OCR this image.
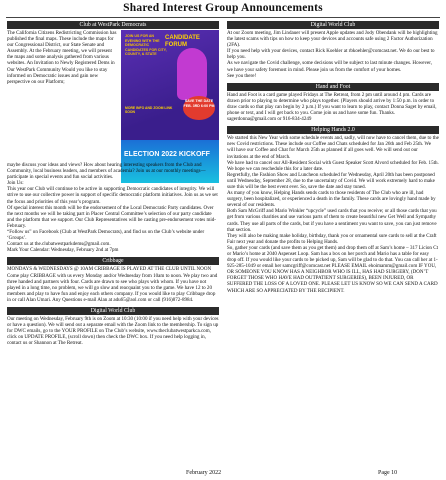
Shared Interest Group Announcements
Club at WestPark Democrats

The California Citizens Redistricting Commission has published the final maps. These include the maps for our Congressional District, our State Senate and Assembly. At the February meeting, we will present the maps and some analysis gathered from various websites. An Invitation to Newly Registered Dems in Our WestPark Community Would you like to stay informed on Democratic issues and gain new perspective on our Platform;

JOIN US FOR AN EVENING WITH THE DEMOCRATIC CANDIDATES FOR CITY, COUNTY, & STATE
CANDIDATE FORUM
SAVE THE DATE FEB. 3RD 6:00 PM
MORE INFO AND ZOOM LINK SOON
ELECTION 2022 KICKOFF

maybe discuss your ideas and views? How about hearing interesting speakers from the Club and Community, local business leaders, and members of academia? Join us at our monthly meetings—participate in special events and fun social activities.
Join Us:
This year our Club will continue to be active in supporting Democratic candidates of integrity. We will strive to use our collective power in support of specific democratic platform initiatives. Join us as we set the focus and priorities of this year’s program.
Of special interest this month will be the endorsement of the Local Democratic Party candidates. Over the next months we will be taking part in Placer Central Committee’s selection of our party candidate and the platform that we support. Our Club Representatives will be casting pre-endorsement votes mid-February.
“Follow us” on Facebook (Club at WestPark Democrats), and find us on the Club’s website under ‘Groups’.
Contact us at the.clubatwestparkdems@gmail.com.
Mark Your Calendar: Wednesday, February 2nd at 7pm

Cribbage

MONDAYS & WEDNESDAYS @ 10AM CRIBBAGE IS PLAYED AT THE CLUB UNTIL NOON
Come play CRIBBAGE with us every Monday and/or Wednesday from 10am to noon. We play two and three handed and partners with four. Cards are drawn to see who plays with whom. If you have not played in a long time, no problem, we will go slow and reacquaint you to the game. We have 12 to 20 members and play to have fun and enjoy each others company. If you would like to play Cribbage drop in or call Alan Umari. Any Questions e-mail Alan at adu65@aol.com or call (916)872-8984.

Digital World Club

Our meeting on Wednesday, February 9th is on Zoom at 10:30 (10:00 if you need help with your devices or have a question). We will send out a separate email with the Zoom link to the membership. To sign up for DWC emails, go to the YOUR PROFILE on The Club’s website, www.theclubatwestparkca.com, click on UPDATE PROFILE, (scroll down) then check the DWC box. If you need help logging in, contact us or Shannon at The Retreat.

Digital World Club

At our Zoom meeting, Jim Lindauer will present Apple updates and Jody Obendank will be highlighting the latest scams with tips on how to keep your devices and accounts safe using 2 Factor Authorization (2FA).
If you need help with your devices, contact Rick Koehler at rbkoehler@comcast.net. We do our best to help you.
As we navigate the Covid challenge, some decisions will be subject to last minute changes. However, we have your safety foremost in mind. Please join us from the comfort of your homes.
See you there!

Hand and Foot

Hand and Foot is a card game played Fridays at The Retreat, from 2 pm until around 4 pm. Cards are drawn prior to playing to determine who plays together. (Players should arrive by 1:50 p.m. in order to draw cards so that play can begin by 2 p.m.) If you want to learn to play, contact Donna Saget by email, phone or text, and I will get back to you. Come join us and have some fun. Thanks. sagerdonna@gmail.com or 916-834-4249

Helping Hands 2.0

We started this New Year with some schedule events and, sadly, will now have to cancel them, due to the new Covid restrictions. These include our Coffee and Chats scheduled for Jan 26th and Feb 25th. We will have our Coffee and Chat for March 25th as planned if all goes well. We will send out our invitations at the end of March.
We have had to cancel our All-Resident Social with Guest Speaker Scott Alvord scheduled for Feb. 15th. We hope we can reschedule this for a later date.
Regretfully, the Fashion Show and Luncheon scheduled for Wednesday, April 20th has been postponed until Wednesday, September 28, due to the uncertainty of Covid. We will work extremely hard to make sure this will be the best event ever. So, save the date and stay tuned.
As many of you know, Helping Hands sends cards to those residents of The Club who are ill, had surgery, been hospitalized, or experienced a death in the family. These cards are lovingly hand made by several of our residents.
Both Sam McGriff and Mario Winkler “upcycle” used cards that you receive; or all those cards that you get from various charities and use various parts of them to create beautiful new Get Well and Sympathy cards. They use all parts of the cards, but if you have a sentiment you want to save, you can just remove that section.
They will also be making make holiday, birthday, thank you or ornamental sure cards to sell at the Craft Fair next year and donate the profits to Helping Hands.
So, gather your cards (and save them as you get them) and drop them off at Sam’s home – 317 Licion Ct or Mario’s home at 2040 Aspenset Loop. Sam has a box on her porch and Mario has a table for easy drop off. If you would like your cards to be picked up, Sam will be glad to do that. You can call her at 1-925-285-1049 or email her samcgriff@comcast.net PLEASE EMAIL ehoimamm@gmail.com IF YOU, OR SOMEONE YOU KNOW HAS A NEIGHBOR WHO IS ILL, HAS HAD SURGERY, (DON’T FORGET THOSE WHO HAVE HAD OUTPATIENT SURGERIES), BEEN INJURED, OR SUFFERED THE LOSS OF A LOVED ONE. PLEASE LET US KNOW SO WE CAN SEND A CARD WHICH ARE SO APPRECIATED BY THE RECIPIENT.

February 2022	Page 10
